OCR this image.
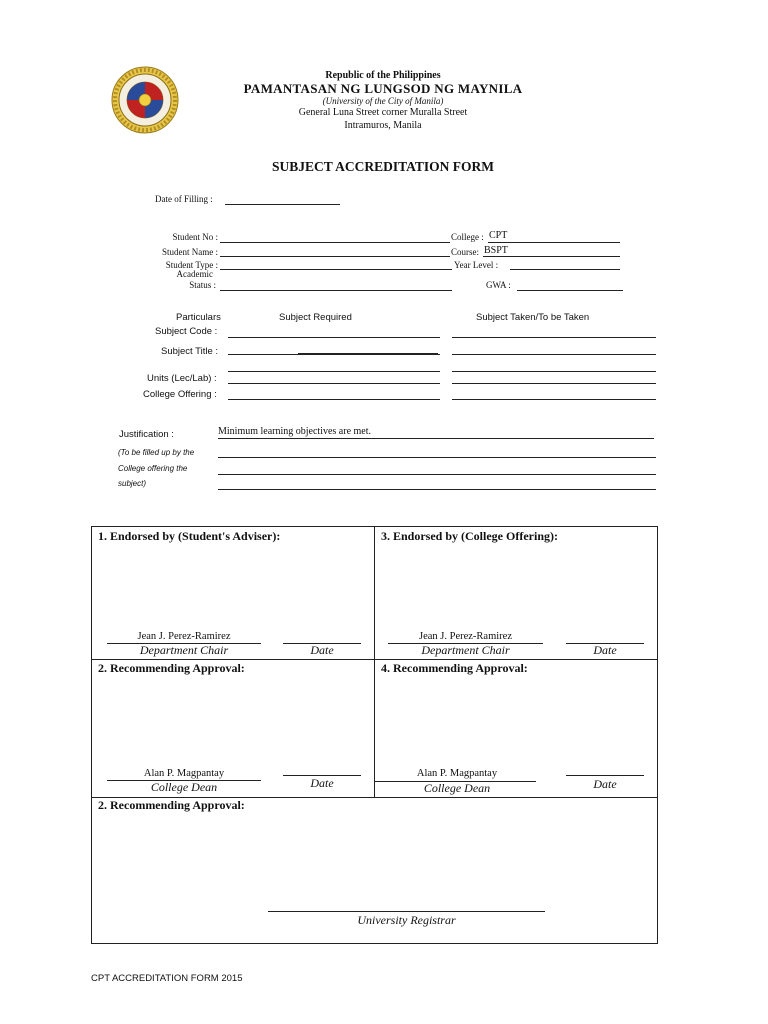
Republic of the Philippines
PAMANTASAN NG LUNGSOD NG MAYNILA
(University of the City of Manila)
General Luna Street corner Muralla Street
Intramuros, Manila
SUBJECT ACCREDITATION FORM
Date of Filling :
Student No :
Student Name :
Student Type :
Academic
Status :
College : CPT
Course: BSPT
Year Level :
GWA :
Particulars	Subject Required	Subject Taken/To be Taken
Subject Code :
Subject Title :
Units (Lec/Lab) :
College Offering :
Justification :	Minimum learning objectives are met.
(To be filled up by the
College offering the
subject)
1. Endorsed by (Student's Adviser):
Jean J. Perez-Ramirez
Department Chair	Date
3. Endorsed by (College Offering):
Jean J. Perez-Ramirez
Department Chair	Date
2. Recommending Approval:
Alan P. Magpantay
College Dean	Date
4. Recommending Approval:
Alan P. Magpantay
College Dean	Date
2. Recommending Approval:
University Registrar
CPT ACCREDITATION FORM 2015
